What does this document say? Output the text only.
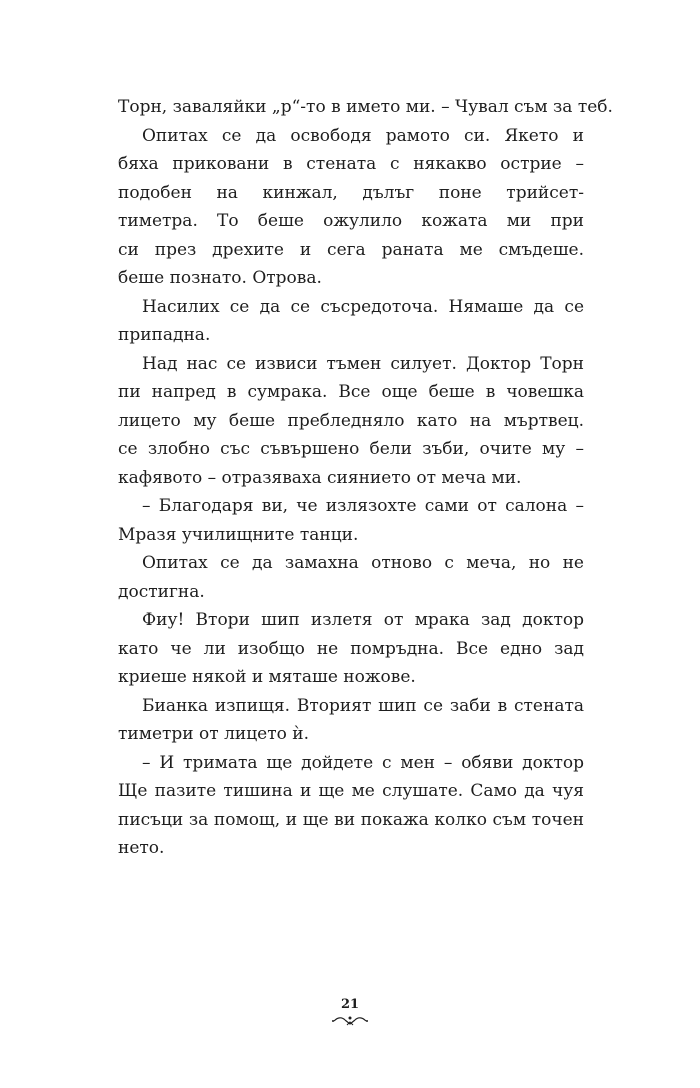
Торн, заваляйки „р“-то в името ми. – Чувал съм за теб.
Опитах се да освободя рамото си. Якето и
бяха приковани в стената с някакво острие –
подобен на кинжал, дълъг поне трийсет-
тиметра. То беше ожулило кожата ми при
си през дрехите и сега раната ме смъдеше.
беше познато. Отрова.
Насилих се да се съсредоточа. Нямаше да се
припадна.
Над нас се извиси тъмен силует. Доктор Торн
пи напред в сумрака. Все още беше в човешка
лицето му беше пребледняло като на мъртвец.
се злобно със съвършено бели зъби, очите му –
кафявото – отразяваха сиянието от меча ми.
– Благодаря ви, че излязохте сами от салона –
Мразя училищните танци.
Опитах се да замахна отново с меча, но не
достигна.
Фиу! Втори шип излетя от мрака зад доктор
като че ли изобщо не помръдна. Все едно зад
криеше някой и мяташе ножове.
Бианка изпищя. Вторият шип се заби в стената
тиметри от лицето ѝ.
– И тримата ще дойдете с мен – обяви доктор
Ще пазите тишина и ще ме слушате. Само да чуя
писъци за помощ, и ще ви покажа колко съм точен
нето.
21
